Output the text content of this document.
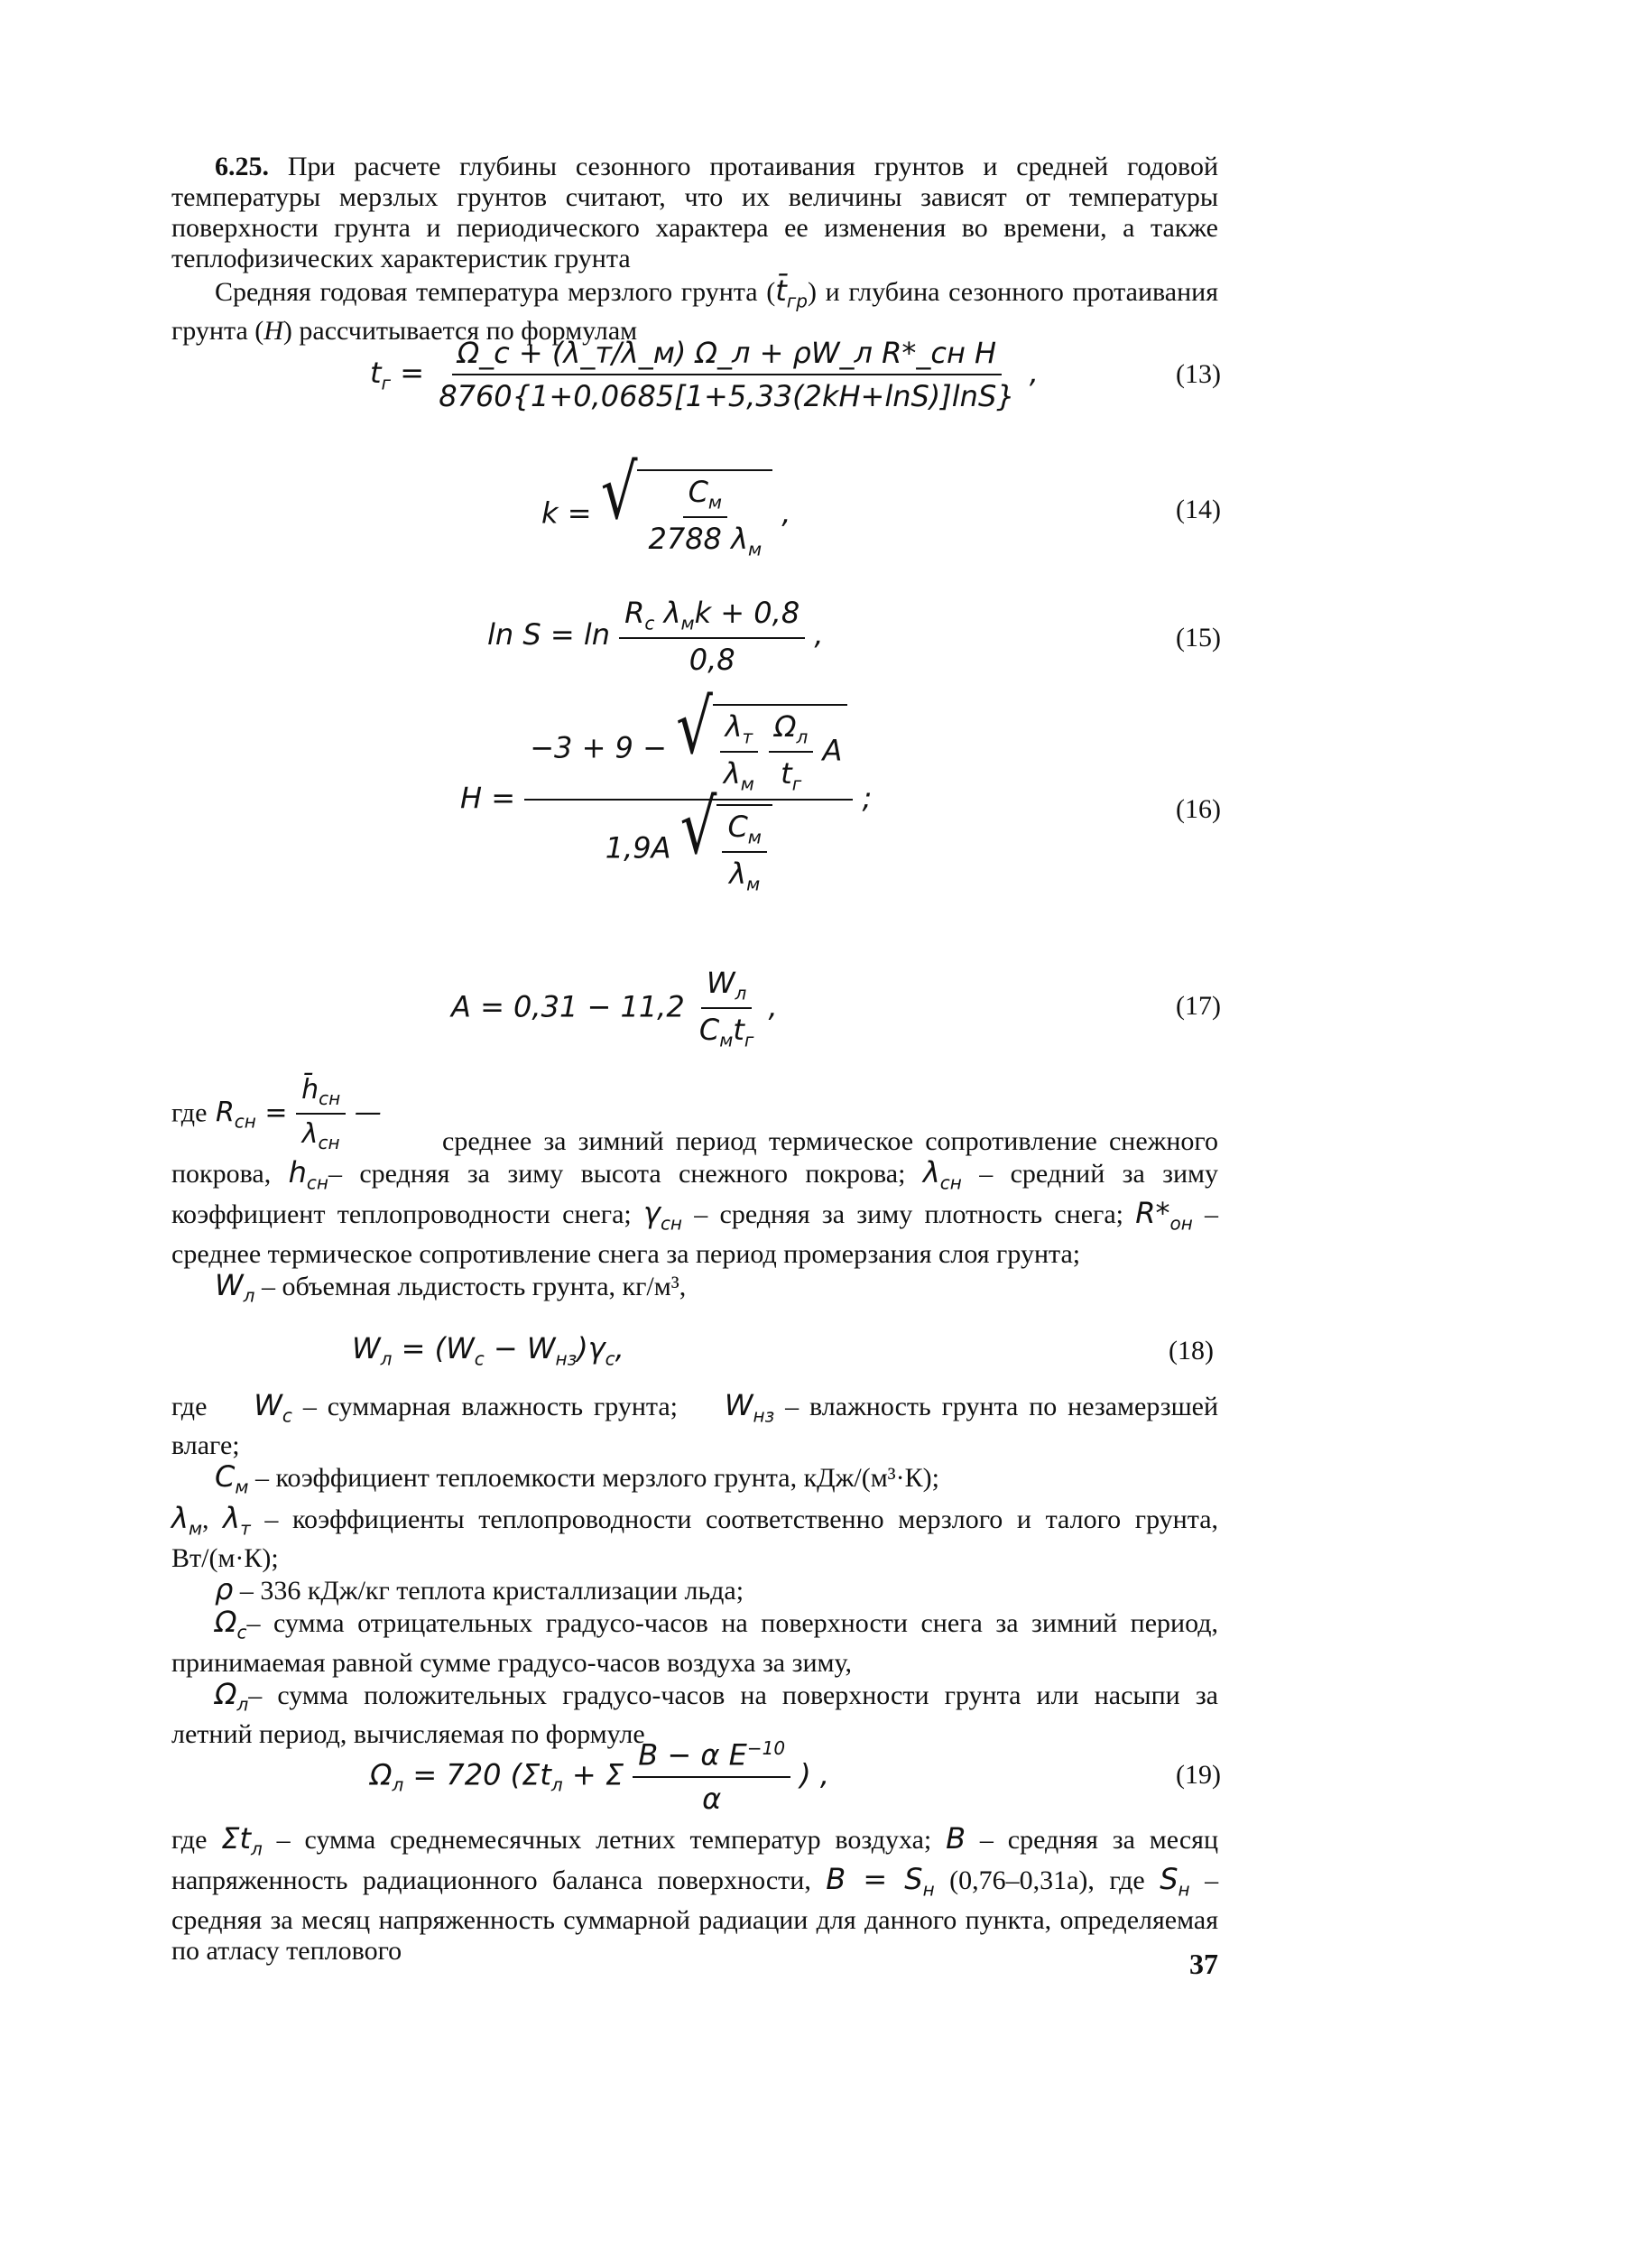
6.25. При расчете глубины сезонного протаивания грунтов и средней годовой температуры мерзлых грунтов считают, что их величины зависят от температуры поверхности грунта и периодического характера ее изменения во времени, а также теплофизических характеристик грунта

Средняя годовая температура мерзлого грунта $(t̄_{гр})$ и глубина сезонного протаивания грунта (H) рассчитывается по формулам

$t_г = \frac{\text{Ω\_c + (λ\_т/λ\_м) Ω\_л + ρW\_л R*\_сн H}}{8760\{1+0,0685[1+5,33(2kH+\ln S)]\ln S\}}$ ,	(13)
k = √ $\frac{C_м}{2788 \lambda_м}$ ,	(14)
$\ln S = \ln \frac{R_c \lambda_мk + 0,8}{0,8}$ ,	(15)
H =
−3 + 9 − √ $\frac{\lambda_т}{\lambda_м}$
$\frac{\Omega_л}{t_г}$ A
1,9A √ $\frac{C_м}{\lambda_м}$
;	(16)
$A = 0,31 - 11,2 \frac{W_л}{C_мt_г}$ ,	(17)
где $R_{сн} = \frac{h̄_{сн}}{\lambda_{сн}}$ —

среднее за зимний период термическое сопротивление снежного покрова, $h_{сн}-$ средняя за зиму высота снежного покрова; $\lambda_{сн}$ – средний за зиму коэффициент теплопроводности снега; $\gamma_{сн}$ – средняя за зиму плотность снега; $R*_{он}$ – среднее термическое сопротивление снега за период промерзания слоя грунта;
$W_л$ – объемная льдистость грунта, кг/м³,

$W_л = (W_c - W_{нз})\gamma_c$,	(18)

где $W_c$ – суммарная влажность грунта; $W_{нз}$ – влажность грунта по незамерзшей влаге;
$C_м$ – коэффициент теплоемкости мерзлого грунта, кДж/(м³·К);
$\lambda_м$, $\lambda_т$ – коэффициенты теплопроводности соответственно мерзлого и талого грунта, Вт/(м·К);
ρ – 336 кДж/кг теплота кристаллизации льда;
$\Omega_c-$ сумма отрицательных градусо-часов на поверхности снега за зимний период, принимаемая равной сумме градусо-часов воздуха за зиму,
$\Omega_л-$ сумма положительных градусо-часов на поверхности грунта или насыпи за летний период, вычисляемая по формуле

$\Omega_л = 720$ ($\Sigma t_л + \Sigma \frac{B - \alpha E^{-10}}{\alpha}$ ) ,	(19)

где $\Sigma t_л$ – сумма среднемесячных летних температур воздуха; B – средняя за месяц напряженность радиационного баланса поверхности, $B = S_н$ (0,76–0,31a), где $S_н$ – средняя за месяц напряженность суммарной радиации для данного пункта, определяемая по атласу теплового	37
